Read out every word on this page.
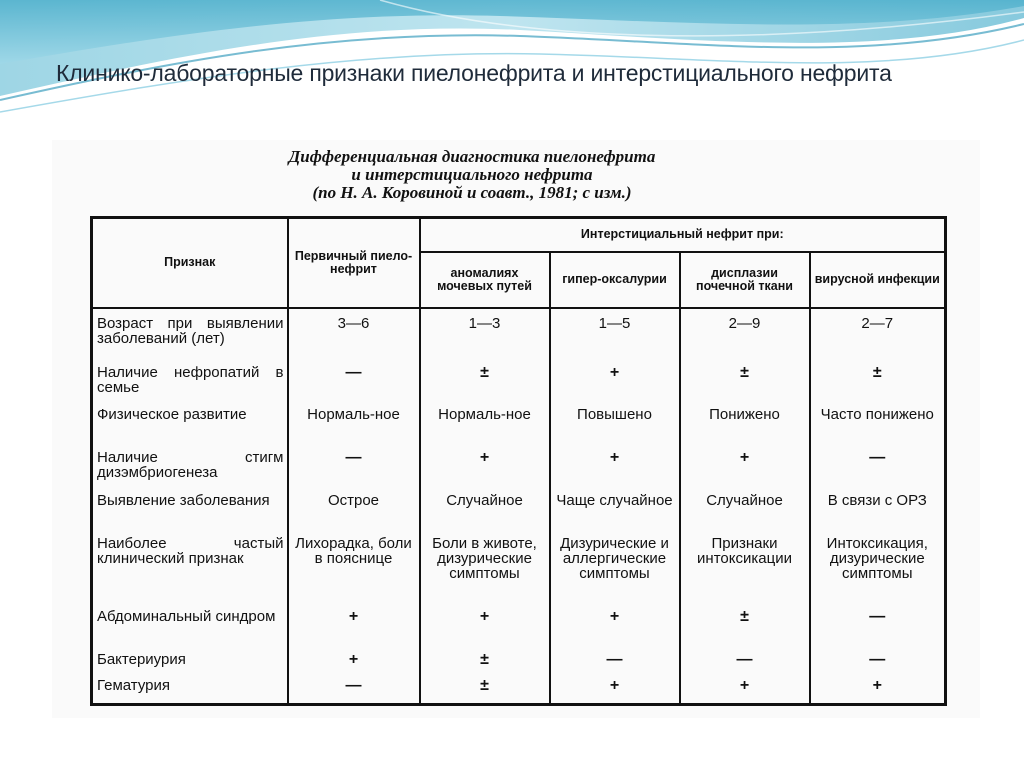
Клинико-лабораторные признаки пиелонефрита и интерстициального нефрита
Дифференциальная диагностика пиелонефрита
и интерстициального нефрита
(по Н. А. Коровиной и соавт., 1981; с изм.)
Признак	Первичный пиело-нефрит	Интерстициальный нефрит при:			
		аномалиях мочевых путей	гипер-оксалурии	дисплазии почечной ткани	вирусной инфекции
Возраст при выявлении заболеваний (лет)	3—6	1—3	1—5	2—9	2—7
Наличие нефропатий в семье	—	±	+	±	±
Физическое развитие	Нормаль-ное	Нормаль-ное	Повышено	Понижено	Часто понижено
Наличие стигм дизэмбриогенеза	—	+	+	+	—
Выявление заболевания	Острое	Случайное	Чаще случайное	Случайное	В связи с ОРЗ
Наиболее частый клинический признак	Лихорадка, боли в пояснице	Боли в животе, дизурические симптомы	Дизурические и аллергические симптомы	Признаки интоксикации	Интоксикация, дизурические симптомы
Абдоминальный синдром	+	+	+	±	—
Бактериурия	+	±	—	—	—
Гематурия	—	±	+	+	+
